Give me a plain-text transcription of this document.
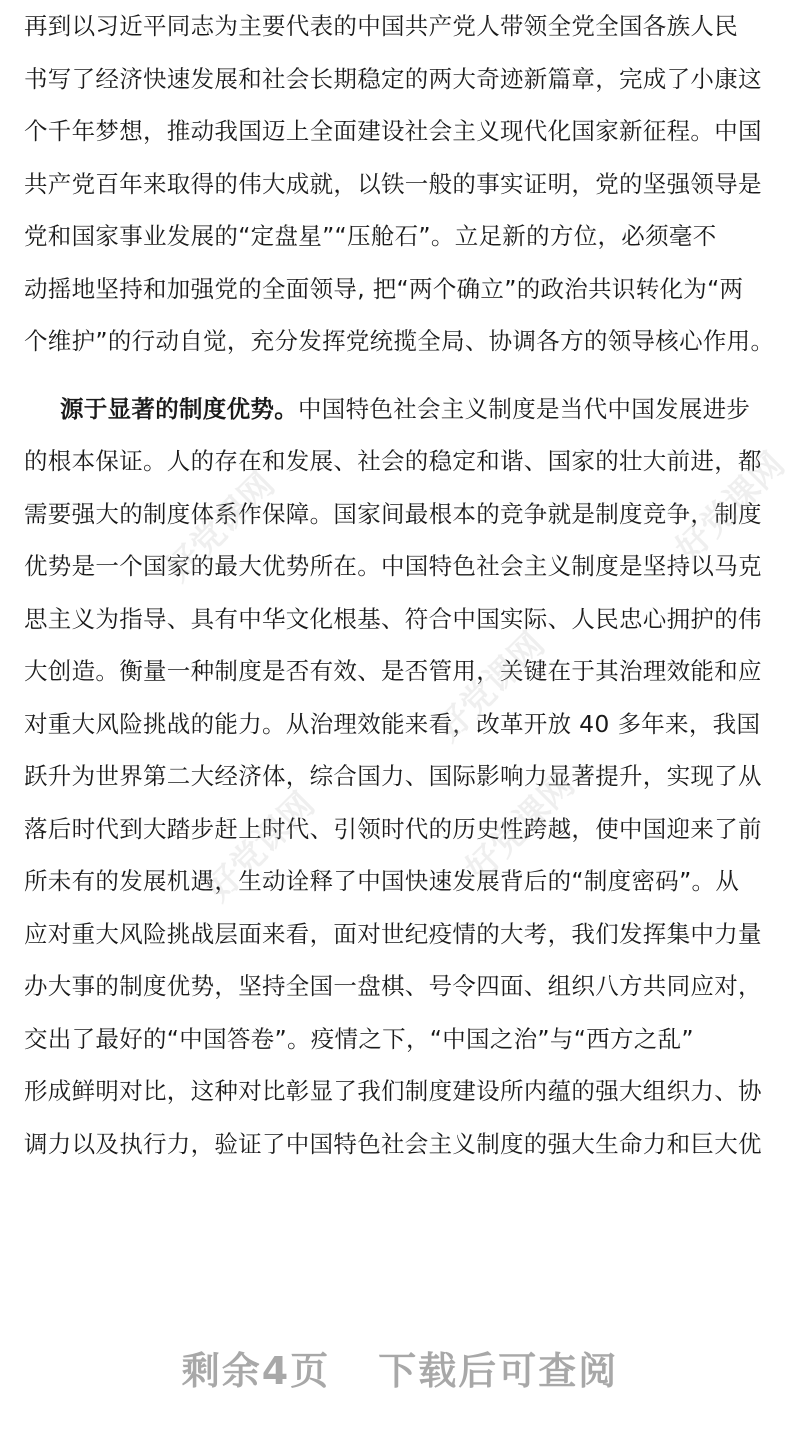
再到以习近平同志为主要代表的中国共产党人带领全党全国各族人民
书写了经济快速发展和社会长期稳定的两大奇迹新篇章，完成了小康这
个千年梦想，推动我国迈上全面建设社会主义现代化国家新征程。中国
共产党百年来取得的伟大成就，以铁一般的事实证明，党的坚强领导是
党和国家事业发展的“定盘星”“压舱石”。立足新的方位，必须毫不
动摇地坚持和加强党的全面领导, 把“两个确立”的政治共识转化为“两
个维护”的行动自觉，充分发挥党统揽全局、协调各方的领导核心作用。
源于显著的制度优势。中国特色社会主义制度是当代中国发展进步
的根本保证。人的存在和发展、社会的稳定和谐、国家的壮大前进，都
需要强大的制度体系作保障。国家间最根本的竞争就是制度竞争，制度
优势是一个国家的最大优势所在。中国特色社会主义制度是坚持以马克
思主义为指导、具有中华文化根基、符合中国实际、人民忠心拥护的伟
大创造。衡量一种制度是否有效、是否管用，关键在于其治理效能和应
对重大风险挑战的能力。从治理效能来看，改革开放 40 多年来，我国
跃升为世界第二大经济体，综合国力、国际影响力显著提升，实现了从
落后时代到大踏步赶上时代、引领时代的历史性跨越，使中国迎来了前
所未有的发展机遇，生动诠释了中国快速发展背后的“制度密码”。从
应对重大风险挑战层面来看，面对世纪疫情的大考，我们发挥集中力量
办大事的制度优势，坚持全国一盘棋、号令四面、组织八方共同应对，
交出了最好的“中国答卷”。疫情之下，“中国之治”与“西方之乱”
形成鲜明对比，这种对比彰显了我们制度建设所内蕴的强大组织力、协
调力以及执行力，验证了中国特色社会主义制度的强大生命力和巨大优
好党课网
好党课网
好党课网
好党课网	好党课网
剩余4页 下载后可查阅
